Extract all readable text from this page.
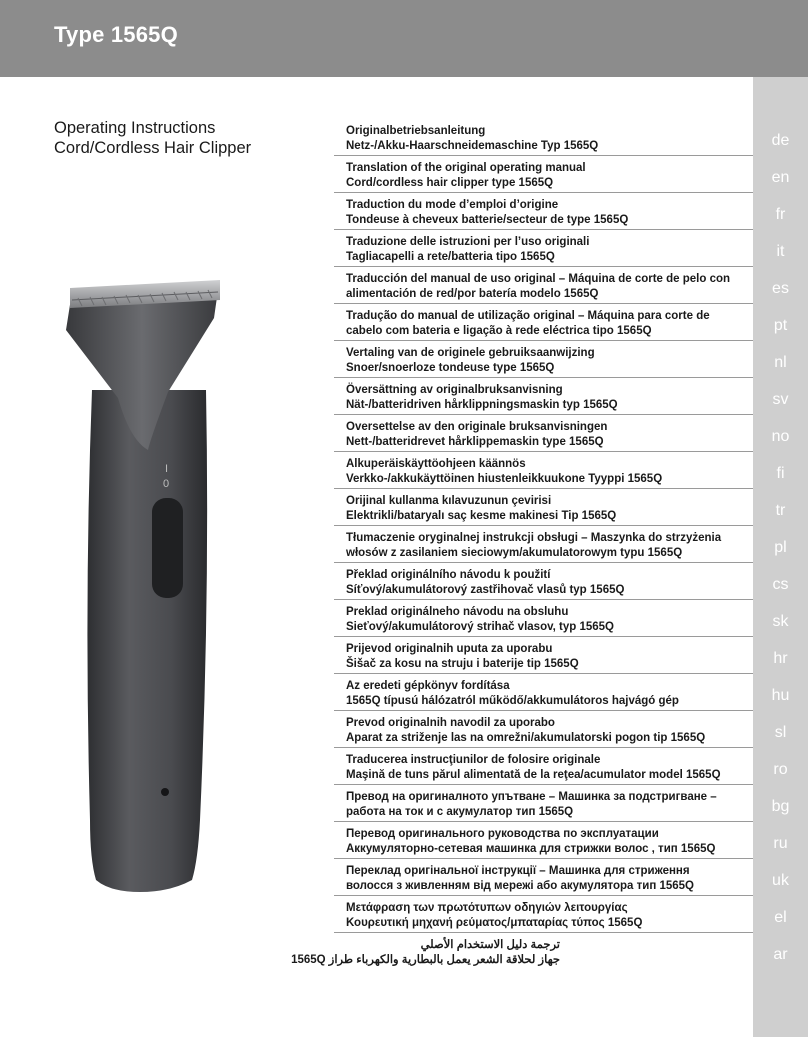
Type 1565Q
Operating Instructions
Cord/Cordless Hair Clipper
I
0
Originalbetriebsanleitung
Netz-/Akku-Haarschneidemaschine Typ 1565Q	de
Translation of the original operating manual
Cord/cordless hair clipper type 1565Q	en
Traduction du mode d’emploi d’origine
Tondeuse à cheveux batterie/secteur de type 1565Q	fr
Traduzione delle istruzioni per l’uso originali
Tagliacapelli a rete/batteria tipo 1565Q	it
Traducción del manual de uso original – Máquina de corte de pelo con
alimentación de red/por batería modelo 1565Q	es
Tradução do manual de utilização original – Máquina para corte de
cabelo com bateria e ligação à rede eléctrica tipo 1565Q	pt
Vertaling van de originele gebruiksaanwijzing
Snoer/snoerloze tondeuse type 1565Q	nl
Översättning av originalbruksanvisning
Nät-/batteridriven hårklippningsmaskin typ 1565Q	sv
Oversettelse av den originale bruksanvisningen
Nett-/batteridrevet hårklippemaskin type 1565Q	no
Alkuperäiskäyttöohjeen käännös
Verkko-/akkukäyttöinen hiustenleikkuukone Tyyppi 1565Q	fi
Orijinal kullanma kılavuzunun çevirisi
Elektrikli/bataryalı saç kesme makinesi Tip 1565Q	tr
Tłumaczenie oryginalnej instrukcji obsługi – Maszynka do strzyżenia
włosów z zasilaniem sieciowym/akumulatorowym typu 1565Q	pl
Překlad originálního návodu k použití
Síťový/akumulátorový zastřihovač vlasů typ 1565Q	cs
Preklad originálneho návodu na obsluhu
Sieťový/akumulátorový strihač vlasov, typ 1565Q	sk
Prijevod originalnih uputa za uporabu
Šišač za kosu na struju i baterije tip 1565Q	hr
Az eredeti gépkönyv fordítása
1565Q típusú hálózatról működő/akkumulátoros hajvágó gép	hu
Prevod originalnih navodil za uporabo
Aparat za striženje las na omrežni/akumulatorski pogon tip 1565Q	sl
Traducerea instrucţiunilor de folosire originale
Maşină de tuns părul alimentată de la reţea/acumulator model 1565Q	ro
Превод на оригиналното упътване – Машинка за подстригване –
работа на ток и с акумулатор тип 1565Q	bg
Перевод оригинального руководства по эксплуатации
Аккумуляторно-сетевая машинка для стрижки волос , тип 1565Q	ru
Переклад оригінальної інструкції – Машинка для стриження
волосся з живленням від мережі або акумулятора тип 1565Q	uk
Μετάφραση των πρωτότυπων οδηγιών λειτουργίας
Κουρευτική μηχανή ρεύματος/μπαταρίας τύπος 1565Q	el
ترجمة دليل الاستخدام الأصلي
جهاز لحلاقة الشعر يعمل بالبطارية والكهرباء طراز 1565Q	ar
